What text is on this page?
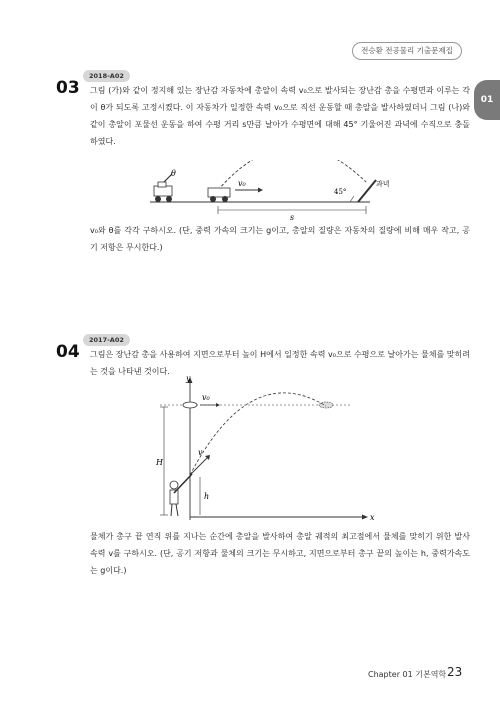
전승환 전공물리 기출문제집
01
2018-A02
03 그림 (가)와 같이 정지해 있는 장난감 자동차에 총알이 속력 v₀으로 발사되는 장난감 총을 수평면과 이루는 각이 θ가 되도록 고정시켰다. 이 자동차가 일정한 속력 v₀으로 직선 운동할 때 총알을 발사하였더니 그림 (나)와 같이 총알이 포물선 운동을 하여 수평 거리 s만큼 날아가 수평면에 대해 45° 기울어진 과녁에 수직으로 충돌하였다.
θ
v₀
45°
과녁
s
v₀와 θ를 각각 구하시오. (단, 중력 가속의 크기는 g이고, 총알의 질량은 자동차의 질량에 비해 매우 작고, 공기 저항은 무시한다.)
2017-A02
04 그림은 장난감 총을 사용하여 지면으로부터 높이 H에서 일정한 속력 v₀으로 수평으로 날아가는 물체를 맞히려는 것을 나타낸 것이다.
y
x
v₀
H
v
h
물체가 총구 끝 연직 위를 지나는 순간에 총알을 발사하여 총알 궤적의 최고점에서 물체를 맞히기 위한 발사 속력 v를 구하시오. (단, 공기 저항과 물체의 크기는 무시하고, 지면으로부터 총구 끝의 높이는 h, 중력가속도는 g이다.)
Chapter 01 기본역학 23
